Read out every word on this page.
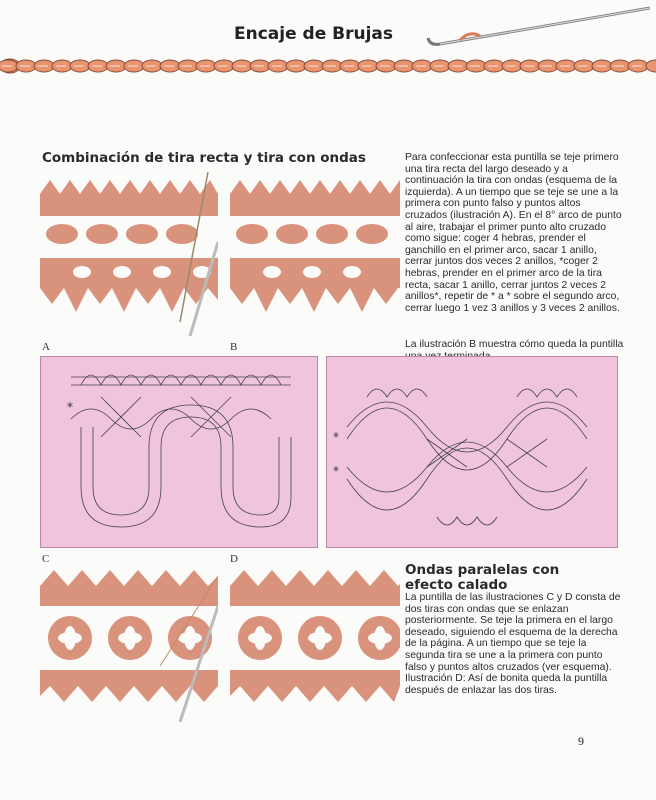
Encaje de Brujas
Combinación de tira recta y tira con ondas	Para confeccionar esta puntilla se teje primero una tira recta del largo deseado y a continuación la tira con ondas (esquema de la izquierda). A un tiempo que se teje se une a la primera con punto falso y puntos altos cruzados (ilustración A). En el 8° arco de punto al aire, trabajar el primer punto alto cruzado como sigue: coger 4 hebras, prender el ganchillo en el primer arco, sacar 1 anillo, cerrar juntos dos veces 2 anillos, *coger 2 hebras, prender en el primer arco de la tira recta, sacar 1 anillo, cerrar juntos 2 veces 2 anillos*, repetir de * a * sobre el segundo arco, cerrar luego 1 vez 3 anillos y 3 veces 2 anillos.

La ilustración B muestra cómo queda la puntilla

A	B
*
*
*
C	D
Ondas paralelas con efecto calado

La puntilla de las ilustraciones C y D consta de dos tiras con ondas que se enlazan posteriormente. Se teje la primera en el largo deseado, siguiendo el esquema de la derecha de la página. A un tiempo que se teje la segunda tira se une a la primera con punto falso y puntos altos cruzados (ver esquema). Ilustración D: Así de bonita queda la puntilla después de enlazar las dos tiras.

9
